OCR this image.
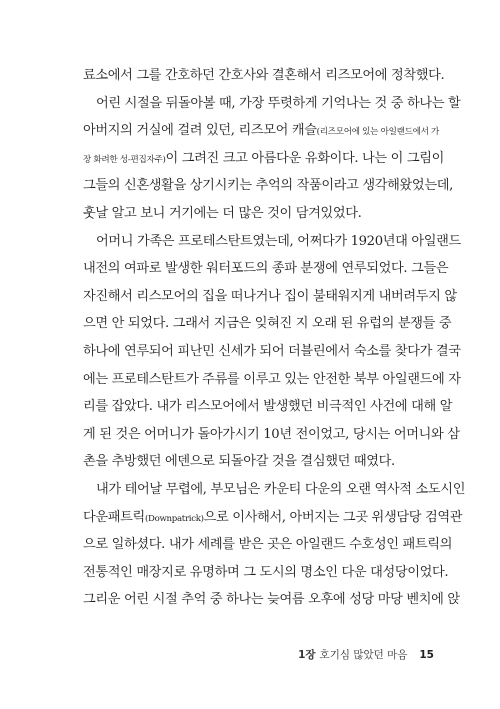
료소에서 그를 간호하던 간호사와 결혼해서 리즈모어에 정착했다.
어린 시절을 뒤돌아볼 때, 가장 뚜렷하게 기억나는 것 중 하나는 할
아버지의 거실에 걸려 있던, 리즈모어 캐슬(리즈모어에 있는 아일랜드에서 가
장 화려한 성-편집자주)이 그려진 크고 아름다운 유화이다. 나는 이 그림이
그들의 신혼생활을 상기시키는 추억의 작품이라고 생각해왔었는데,
훗날 알고 보니 거기에는 더 많은 것이 담겨있었다.
어머니 가족은 프로테스탄트였는데, 어쩌다가 1920년대 아일랜드
내전의 여파로 발생한 워터포드의 종파 분쟁에 연루되었다. 그들은
자진해서 리스모어의 집을 떠나거나 집이 불태워지게 내버려두지 않
으면 안 되었다. 그래서 지금은 잊혀진 지 오래 된 유럽의 분쟁들 중
하나에 연루되어 피난민 신세가 되어 더블린에서 숙소를 찾다가 결국
에는 프로테스탄트가 주류를 이루고 있는 안전한 북부 아일랜드에 자
리를 잡았다. 내가 리스모어에서 발생했던 비극적인 사건에 대해 알
게 된 것은 어머니가 돌아가시기 10년 전이었고, 당시는 어머니와 삼
촌을 추방했던 에덴으로 되돌아갈 것을 결심했던 때였다.
내가 테어날 무렵에, 부모님은 카운티 다운의 오랜 역사적 소도시인
다운패트릭(Downpatrick)으로 이사해서, 아버지는 그곳 위생담당 검역관
으로 일하셨다. 내가 세례를 받은 곳은 아일랜드 수호성인 패트릭의
전통적인 매장지로 유명하며 그 도시의 명소인 다운 대성당이었다.
그리운 어린 시절 추억 중 하나는 늦여름 오후에 성당 마당 벤치에 앉
1장 호기심 많았던 마음 15
